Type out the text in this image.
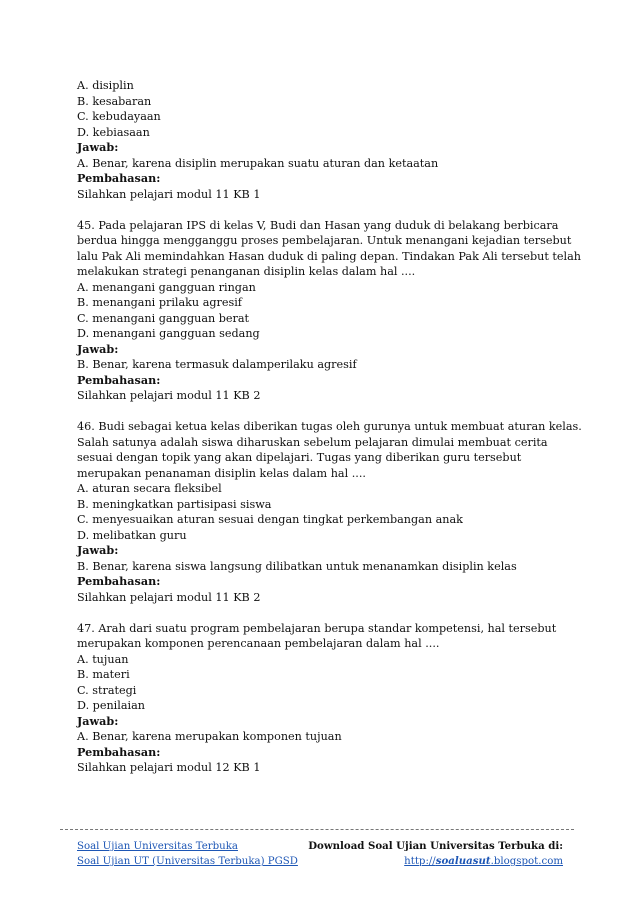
A. disiplin
B. kesabaran
C. kebudayaan
D. kebiasaan
Jawab:
A. Benar, karena disiplin merupakan suatu aturan dan ketaatan
Pembahasan:
Silahkan pelajari modul 11 KB 1
45. Pada pelajaran IPS di kelas V, Budi dan Hasan yang duduk di belakang berbicara
berdua hingga mengganggu proses pembelajaran. Untuk menangani kejadian tersebut
lalu Pak Ali memindahkan Hasan duduk di paling depan. Tindakan Pak Ali tersebut telah
melakukan strategi penanganan disiplin kelas dalam hal ....
A. menangani gangguan ringan
B. menangani prilaku agresif
C. menangani gangguan berat
D. menangani gangguan sedang
Jawab:
B. Benar, karena termasuk dalamperilaku agresif
Pembahasan:
Silahkan pelajari modul 11 KB 2
46. Budi sebagai ketua kelas diberikan tugas oleh gurunya untuk membuat aturan kelas.
Salah satunya adalah siswa diharuskan sebelum pelajaran dimulai membuat cerita
sesuai dengan topik yang akan dipelajari. Tugas yang diberikan guru tersebut
merupakan penanaman disiplin kelas dalam hal ....
A. aturan secara fleksibel
B. meningkatkan partisipasi siswa
C. menyesuaikan aturan sesuai dengan tingkat perkembangan anak
D. melibatkan guru
Jawab:
B. Benar, karena siswa langsung dilibatkan untuk menanamkan disiplin kelas
Pembahasan:
Silahkan pelajari modul 11 KB 2
47. Arah dari suatu program pembelajaran berupa standar kompetensi, hal tersebut
merupakan komponen perencanaan pembelajaran dalam hal ....
A. tujuan
B. materi
C. strategi
D. penilaian
Jawab:
A. Benar, karena merupakan komponen tujuan
Pembahasan:
Silahkan pelajari modul 12 KB 1
Soal Ujian Universitas Terbuka	Download Soal Ujian Universitas Terbuka di:
Soal Ujian UT (Universitas Terbuka) PGSD	http://soaluasut.blogspot.com
